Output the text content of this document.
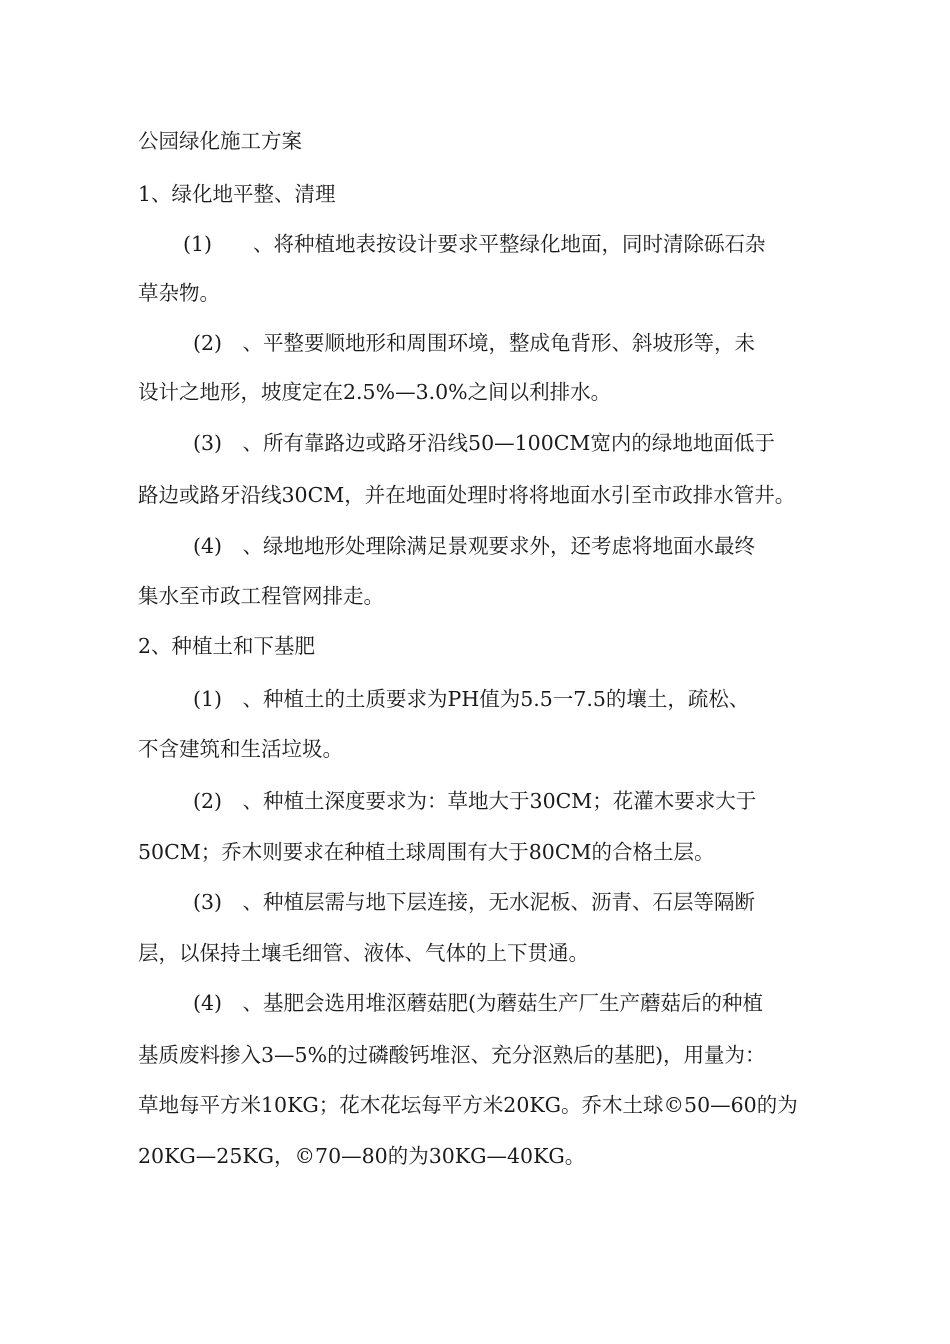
公园绿化施工方案
1、绿化地平整、清理
(1)　　、将种植地表按设计要求平整绿化地面，同时清除砾石杂
草杂物。
(2)　、平整要顺地形和周围环境，整成龟背形、斜坡形等，未
设计之地形，坡度定在2.5%—3.0%之间以利排水。
(3)　、所有靠路边或路牙沿线50—100CM宽内的绿地地面低于
路边或路牙沿线30CM，并在地面处理时将将地面水引至市政排水管井。
(4)　、绿地地形处理除满足景观要求外，还考虑将地面水最终
集水至市政工程管网排走。
2、种植土和下基肥
(1)　、种植土的土质要求为PH值为5.5一7.5的壤土，疏松、
不含建筑和生活垃圾。
(2)　、种植土深度要求为：草地大于30CM；花灌木要求大于
50CM；乔木则要求在种植土球周围有大于80CM的合格土层。
(3)　、种植层需与地下层连接，无水泥板、沥青、石层等隔断
层，以保持土壤毛细管、液体、气体的上下贯通。
(4)　、基肥会选用堆沤蘑菇肥(为蘑菇生产厂生产蘑菇后的种植
基质废料掺入3—5%的过磷酸钙堆沤、充分沤熟后的基肥)，用量为：
草地每平方米10KG；花木花坛每平方米20KG。乔木土球©50—60的为
20KG—25KG，©70—80的为30KG—40KG。
